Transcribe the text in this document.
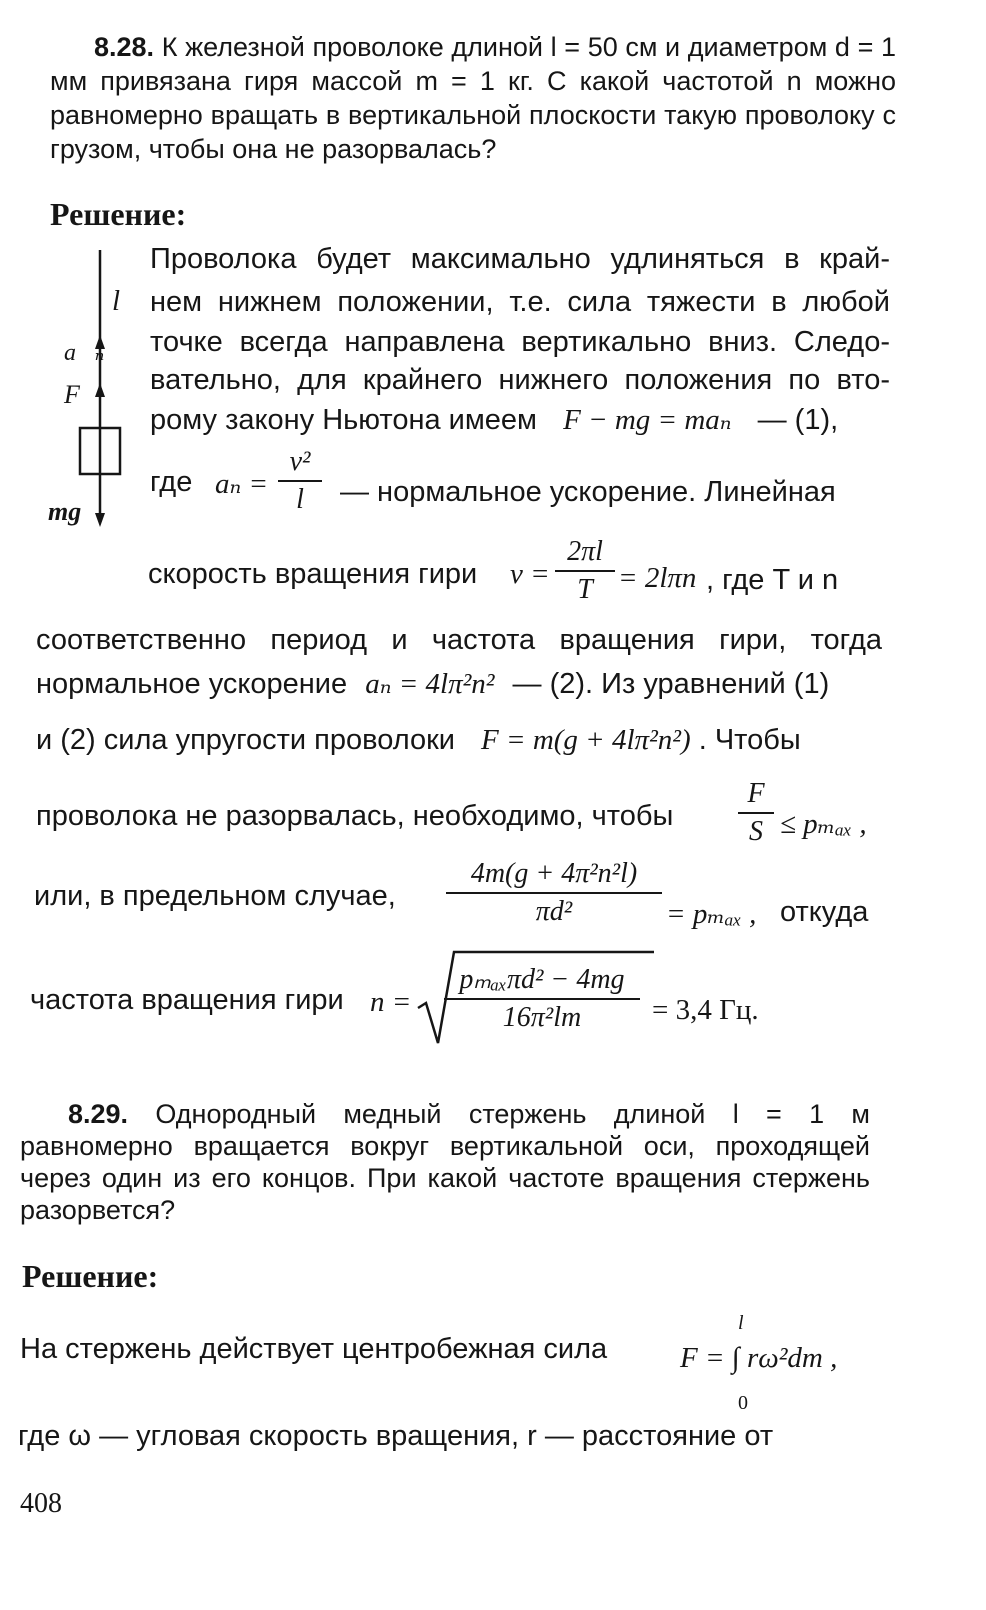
8.28. К железной проволоке длиной l = 50 см и диаметром d = 1 мм привязана гиря массой m = 1 кг. С какой частотой n можно равномерно вращать в вертикальной плоскости такую проволоку с грузом, чтобы она не разорвалась?
Решение:
l
a⃗ₙ
F⃗
mg⃗
Проволока будет максимально удлиняться в край-
нем нижнем положении, т.е. сила тяжести в любой
точке всегда направлена вертикально вниз. Следо-
вательно, для крайнего нижнего положения по вто-
рому закону Ньютона имеем F − mg = maₙ — (1),
где aₙ =
v²
l	— нормальное ускорение. Линейная
скорость вращения гири v =
2πl
T = 2lπn , где T и n
соответственно период и частота вращения гири, тогда
нормальное ускорение aₙ = 4lπ²n² — (2). Из уравнений (1)
и (2) сила упругости проволоки F = m(g + 4lπ²n²) . Чтобы
проволока не разорвалась, необходимо, чтобы
F
S ≤ pₘₐₓ ,
или, в предельном случае,
4m(g + 4π²n²l)
πd²	= pₘₐₓ , откуда
частота вращения гири n =
pₘₐₓπd² − 4mg
16π²lm	= 3,4 Гц.
8.29. Однородный медный стержень длиной l = 1 м равномерно вращается вокруг вертикальной оси, проходящей через один из его концов. При какой частоте вращения стержень разорвется?
Решение:
На стержень действует центробежная сила
l
F = ∫ rω²dm ,
0
где ω — угловая скорость вращения, r — расстояние от
408
